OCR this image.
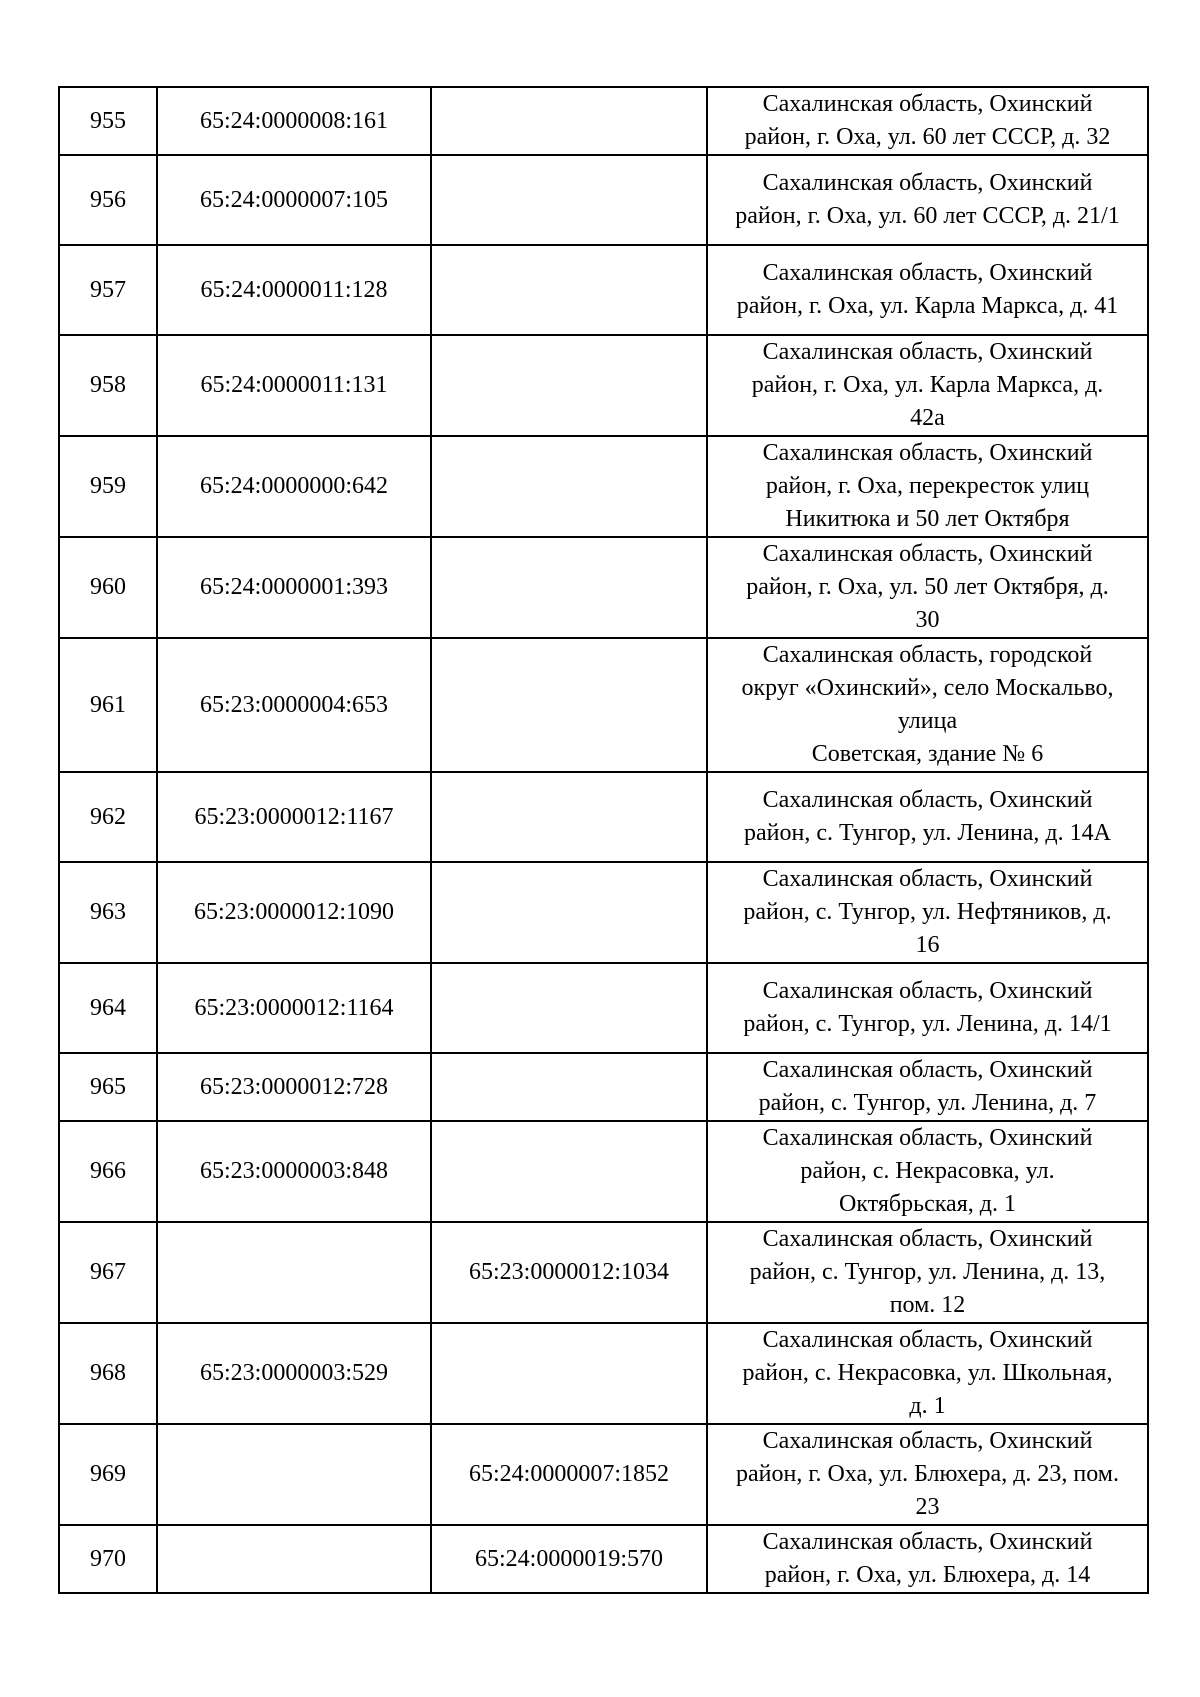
955	65:24:0000008:161		Сахалинская область, Охинский
район, г. Оха, ул. 60 лет СССР, д. 32

956	65:24:0000007:105		Сахалинская область, Охинский
район, г. Оха, ул. 60 лет СССР, д. 21/1

957	65:24:0000011:128		Сахалинская область, Охинский
район, г. Оха, ул. Карла Маркса, д. 41

958	65:24:0000011:131		Сахалинская область, Охинский
район, г. Оха, ул. Карла Маркса, д.
42а

959	65:24:0000000:642		Сахалинская область, Охинский
район, г. Оха, перекресток улиц
Никитюка и 50 лет Октября

960	65:24:0000001:393		Сахалинская область, Охинский
район, г. Оха, ул. 50 лет Октября, д.
30

961	65:23:0000004:653		Сахалинская область, городской
округ «Охинский», село Москальво,
улица
Советская, здание № 6

962	65:23:0000012:1167		Сахалинская область, Охинский
район, с. Тунгор, ул. Ленина, д. 14А

963	65:23:0000012:1090		Сахалинская область, Охинский
район, с. Тунгор, ул. Нефтяников, д.
16

964	65:23:0000012:1164		Сахалинская область, Охинский
район, с. Тунгор, ул. Ленина, д. 14/1

965	65:23:0000012:728		Сахалинская область, Охинский
район, с. Тунгор, ул. Ленина, д. 7

966	65:23:0000003:848		Сахалинская область, Охинский
район, с. Некрасовка, ул.
Октябрьская, д. 1

967		65:23:0000012:1034	Сахалинская область, Охинский
район, с. Тунгор, ул. Ленина, д. 13,
пом. 12

968	65:23:0000003:529		Сахалинская область, Охинский
район, с. Некрасовка, ул. Школьная,
д. 1

969		65:24:0000007:1852	Сахалинская область, Охинский
район, г. Оха, ул. Блюхера, д. 23, пом.
23

970		65:24:0000019:570	Сахалинская область, Охинский
район, г. Оха, ул. Блюхера, д. 14
